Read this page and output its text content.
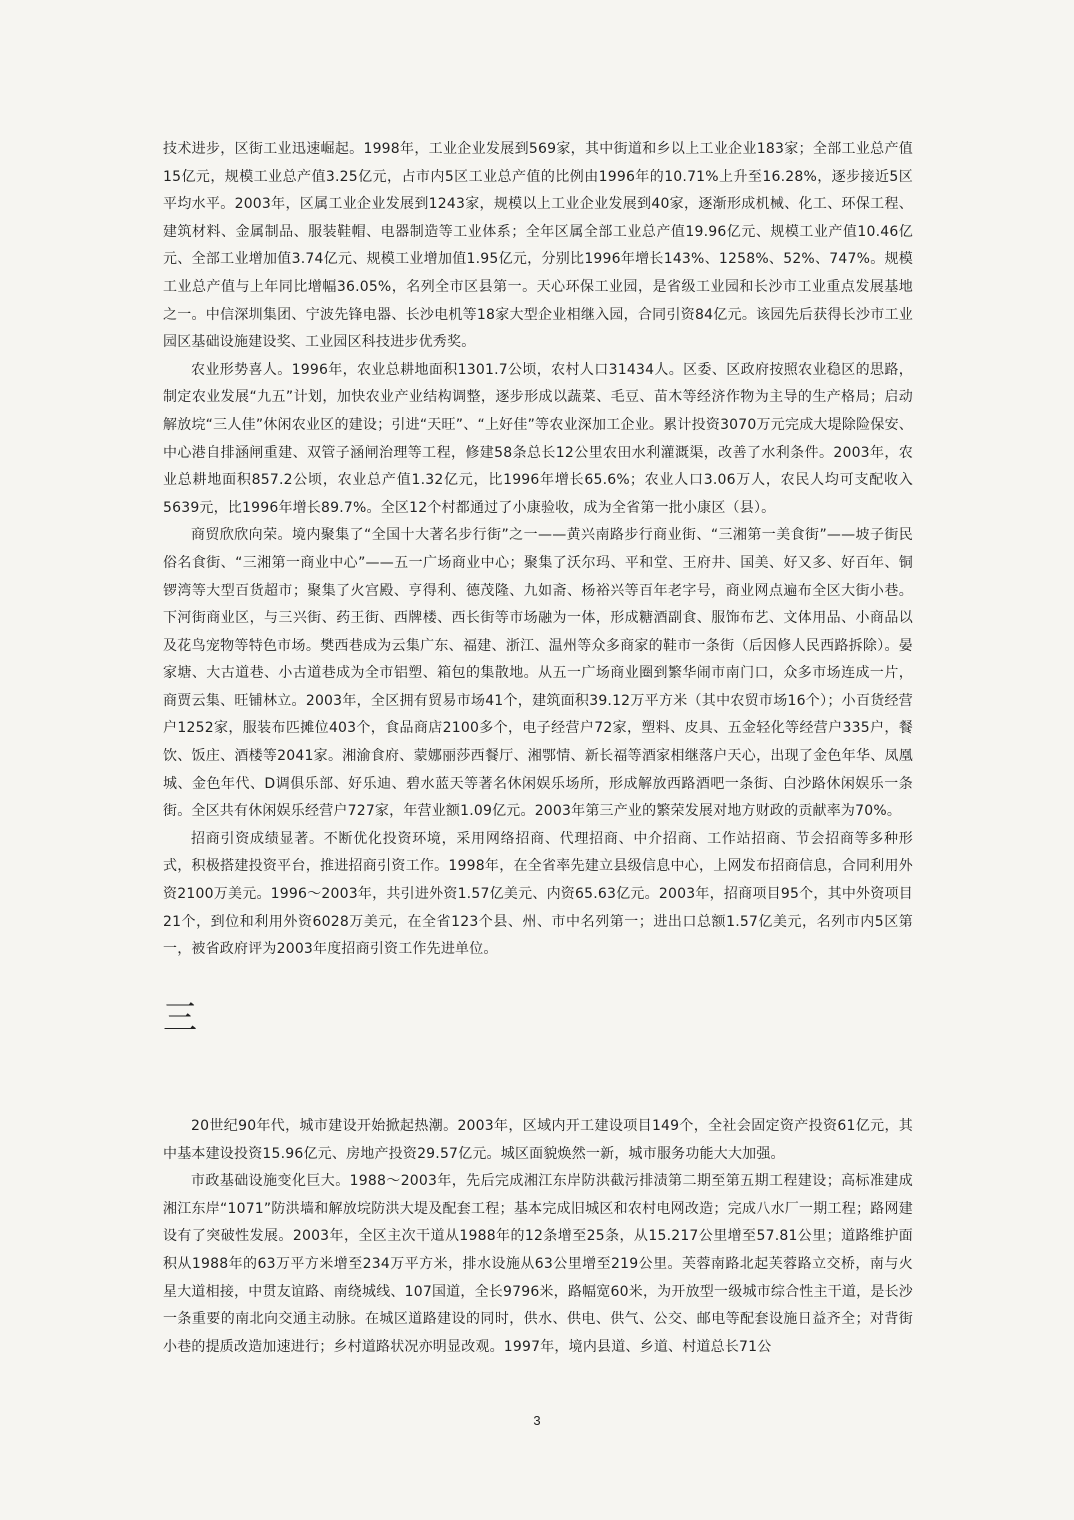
技术进步，区街工业迅速崛起。1998年，工业企业发展到569家，其中街道和乡以上工业企业183家；全部工业总产值15亿元，规模工业总产值3.25亿元，占市内5区工业总产值的比例由1996年的10.71%上升至16.28%，逐步接近5区平均水平。2003年，区属工业企业发展到1243家，规模以上工业企业发展到40家，逐渐形成机械、化工、环保工程、建筑材料、金属制品、服装鞋帽、电器制造等工业体系；全年区属全部工业总产值19.96亿元、规模工业产值10.46亿元、全部工业增加值3.74亿元、规模工业增加值1.95亿元，分别比1996年增长143%、1258%、52%、747%。规模工业总产值与上年同比增幅36.05%，名列全市区县第一。天心环保工业园，是省级工业园和长沙市工业重点发展基地之一。中信深圳集团、宁波先锋电器、长沙电机等18家大型企业相继入园，合同引资84亿元。该园先后获得长沙市工业园区基础设施建设奖、工业园区科技进步优秀奖。

农业形势喜人。1996年，农业总耕地面积1301.7公顷，农村人口31434人。区委、区政府按照农业稳区的思路，制定农业发展“九五”计划，加快农业产业结构调整，逐步形成以蔬菜、毛豆、苗木等经济作物为主导的生产格局；启动解放垸“三人佳”休闲农业区的建设；引进“天旺”、“上好佳”等农业深加工企业。累计投资3070万元完成大堤除险保安、中心港自排涵闸重建、双管子涵闸治理等工程，修建58条总长12公里农田水利灌溉渠，改善了水利条件。2003年，农业总耕地面积857.2公顷，农业总产值1.32亿元，比1996年增长65.6%；农业人口3.06万人，农民人均可支配收入5639元，比1996年增长89.7%。全区12个村都通过了小康验收，成为全省第一批小康区（县）。

商贸欣欣向荣。境内聚集了“全国十大著名步行街”之一——黄兴南路步行商业街、“三湘第一美食街”——坡子街民俗名食街、“三湘第一商业中心”——五一广场商业中心；聚集了沃尔玛、平和堂、王府井、国美、好又多、好百年、铜锣湾等大型百货超市；聚集了火宫殿、亨得利、德茂隆、九如斋、杨裕兴等百年老字号，商业网点遍布全区大街小巷。下河街商业区，与三兴街、药王街、西牌楼、西长街等市场融为一体，形成糖酒副食、服饰布艺、文体用品、小商品以及花鸟宠物等特色市场。樊西巷成为云集广东、福建、浙江、温州等众多商家的鞋市一条街（后因修人民西路拆除）。晏家塘、大古道巷、小古道巷成为全市铝塑、箱包的集散地。从五一广场商业圈到繁华闹市南门口，众多市场连成一片，商贾云集、旺铺林立。2003年，全区拥有贸易市场41个，建筑面积39.12万平方米（其中农贸市场16个）；小百货经营户1252家，服装布匹摊位403个，食品商店2100多个，电子经营户72家，塑料、皮具、五金轻化等经营户335户，餐饮、饭庄、酒楼等2041家。湘渝食府、蒙娜丽莎西餐厅、湘鄂情、新长福等酒家相继落户天心，出现了金色年华、凤凰城、金色年代、D调俱乐部、好乐迪、碧水蓝天等著名休闲娱乐场所，形成解放西路酒吧一条街、白沙路休闲娱乐一条街。全区共有休闲娱乐经营户727家，年营业额1.09亿元。2003年第三产业的繁荣发展对地方财政的贡献率为70%。

招商引资成绩显著。不断优化投资环境，采用网络招商、代理招商、中介招商、工作站招商、节会招商等多种形式，积极搭建投资平台，推进招商引资工作。1998年，在全省率先建立县级信息中心，上网发布招商信息，合同利用外资2100万美元。1996～2003年，共引进外资1.57亿美元、内资65.63亿元。2003年，招商项目95个，其中外资项目21个，到位和利用外资6028万美元，在全省123个县、州、市中名列第一；进出口总额1.57亿美元，名列市内5区第一，被省政府评为2003年度招商引资工作先进单位。

三

20世纪90年代，城市建设开始掀起热潮。2003年，区域内开工建设项目149个，全社会固定资产投资61亿元，其中基本建设投资15.96亿元、房地产投资29.57亿元。城区面貌焕然一新，城市服务功能大大加强。

市政基础设施变化巨大。1988～2003年，先后完成湘江东岸防洪截污排渍第二期至第五期工程建设；高标准建成湘江东岸“1071”防洪墙和解放垸防洪大堤及配套工程；基本完成旧城区和农村电网改造；完成八水厂一期工程；路网建设有了突破性发展。2003年，全区主次干道从1988年的12条增至25条，从15.217公里增至57.81公里；道路维护面积从1988年的63万平方米增至234万平方米，排水设施从63公里增至219公里。芙蓉南路北起芙蓉路立交桥，南与火星大道相接，中贯友谊路、南绕城线、107国道，全长9796米，路幅宽60米，为开放型一级城市综合性主干道，是长沙一条重要的南北向交通主动脉。在城区道路建设的同时，供水、供电、供气、公交、邮电等配套设施日益齐全；对背街小巷的提质改造加速进行；乡村道路状况亦明显改观。1997年，境内县道、乡道、村道总长71公

3
